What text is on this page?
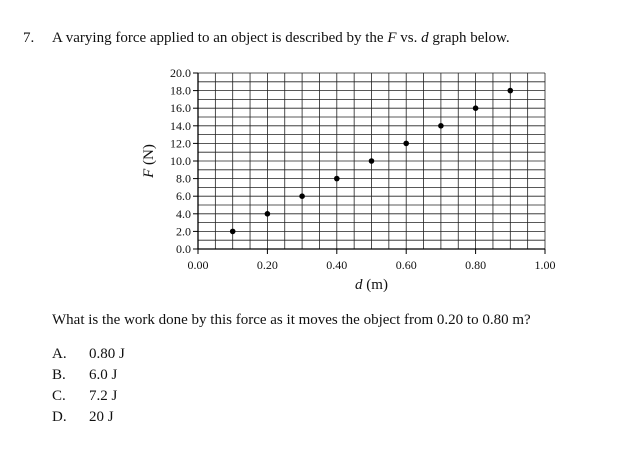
7. A varying force applied to an object is described by the F vs. d graph below.
0.0
2.0
4.0
6.0
8.0
10.0
12.0
14.0
16.0
18.0
20.0
0.00	0.20	0.40	0.60	0.80	1.00
d (m)
F (N)
What is the work done by this force as it moves the object from 0.20 to 0.80 m?
A. 0.80 J
B. 6.0 J
C. 7.2 J
D. 20 J
